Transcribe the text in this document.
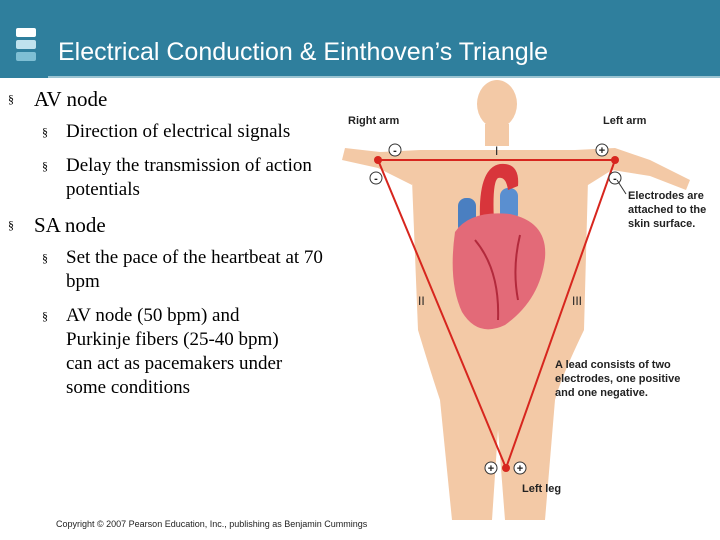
Electrical Conduction & Einthoven’s Triangle
§ AV node
§ Direction of electrical signals
§ Delay the transmission of action potentials
§ SA node
§ Set the pace of the heartbeat at 70 bpm
§ AV node (50 bpm) and Purkinje fibers (25-40 bpm) can act as pacemakers under some conditions
Copyright © 2007 Pearson Education, Inc., publishing as Benjamin Cummings
-
-
+
-
+ +
Right arm	Left arm
Left leg
I
II	III
Electrodes are
attached to the
skin surface.
A lead consists of two
electrodes, one positive
and one negative.
